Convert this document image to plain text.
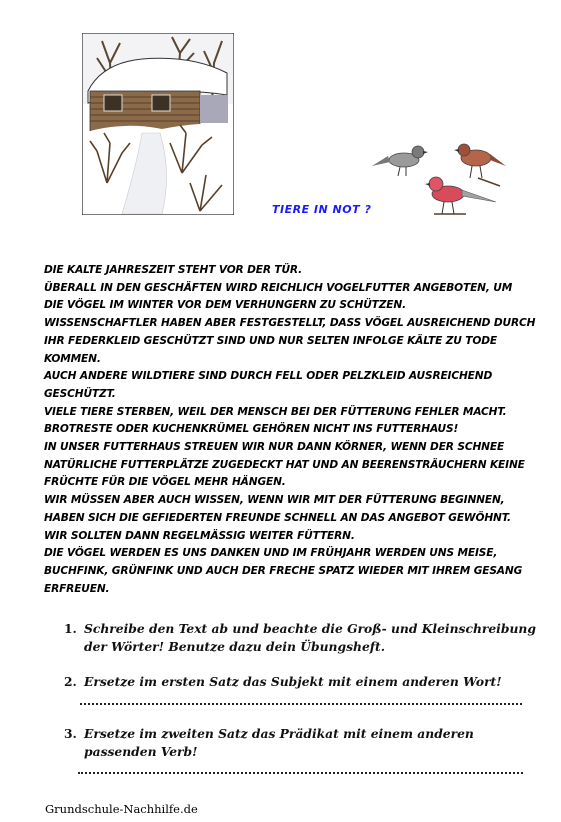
TIERE IN NOT ?
DIE KALTE JAHRESZEIT STEHT VOR DER TÜR.
ÜBERALL IN DEN GESCHÄFTEN WIRD REICHLICH VOGELFUTTER ANGEBOTEN, UM
DIE VÖGEL IM WINTER VOR DEM VERHUNGERN ZU SCHÜTZEN.
WISSENSCHAFTLER HABEN ABER FESTGESTELLT, DASS VÖGEL AUSREICHEND DURCH
IHR FEDERKLEID GESCHÜTZT SIND UND NUR SELTEN INFOLGE KÄLTE ZU TODE
KOMMEN.
AUCH ANDERE WILDTIERE SIND DURCH FELL ODER PELZKLEID AUSREICHEND
GESCHÜTZT.
VIELE TIERE STERBEN, WEIL DER MENSCH BEI DER FÜTTERUNG FEHLER MACHT.
BROTRESTE ODER KUCHENKRÜMEL GEHÖREN NICHT INS FUTTERHAUS!
IN UNSER FUTTERHAUS STREUEN WIR NUR DANN KÖRNER, WENN DER SCHNEE
NATÜRLICHE FUTTERPLÄTZE ZUGEDECKT HAT UND AN BEERENSTRÄUCHERN KEINE
FRÜCHTE FÜR DIE VÖGEL MEHR HÄNGEN.
WIR MÜSSEN ABER AUCH WISSEN, WENN WIR MIT DER FÜTTERUNG BEGINNEN,
HABEN SICH DIE GEFIEDERTEN FREUNDE SCHNELL AN DAS ANGEBOT GEWÖHNT.
WIR SOLLTEN DANN REGELMÄSSIG WEITER FÜTTERN.
DIE VÖGEL WERDEN ES UNS DANKEN UND IM FRÜHJAHR WERDEN UNS MEISE,
BUCHFINK, GRÜNFINK UND AUCH DER FRECHE SPATZ WIEDER MIT IHREM GESANG
ERFREUEN.
1. Schreibe den Text ab und beachte die Groß- und Kleinschreibung
der Wörter! Benutze dazu dein Übungsheft.
2. Ersetze im ersten Satz das Subjekt mit einem anderen Wort!
3. Ersetze im zweiten Satz das Prädikat mit einem anderen
passenden Verb!
Grundschule-Nachhilfe.de
